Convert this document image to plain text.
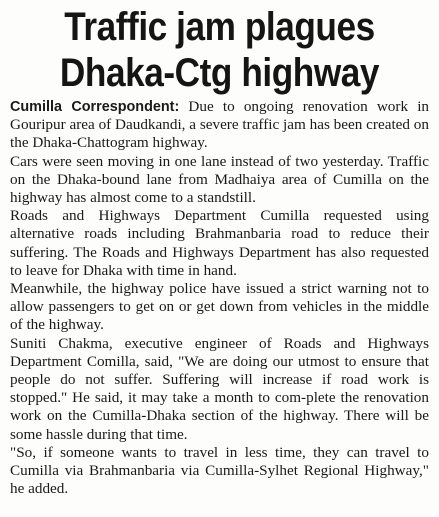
Traffic jam plagues
Dhaka-Ctg highway

Cumilla Correspondent: Due to ongoing renovation work in Gouripur area of Daudkandi, a severe traffic jam has been created on the Dhaka-Chattogram highway.

Cars were seen moving in one lane instead of two yesterday. Traffic on the Dhaka-bound lane from Madhaiya area of Cumilla on the highway has almost come to a standstill.

Roads and Highways Department Cumilla requested using alternative roads including Brahmanbaria road to reduce their suffering. The Roads and Highways Department has also requested to leave for Dhaka with time in hand.

Meanwhile, the highway police have issued a strict warning not to allow passengers to get on or get down from vehicles in the middle of the highway.

Suniti Chakma, executive engineer of Roads and Highways Department Comilla, said, "We are doing our utmost to ensure that people do not suffer. Suffering will increase if road work is stopped." He said, it may take a month to com-plete the renovation work on the Cumilla-Dhaka section of the highway. There will be some hassle during that time.

"So, if someone wants to travel in less time, they can travel to Cumilla via Brahmanbaria via Cumilla-Sylhet Regional Highway," he added.
